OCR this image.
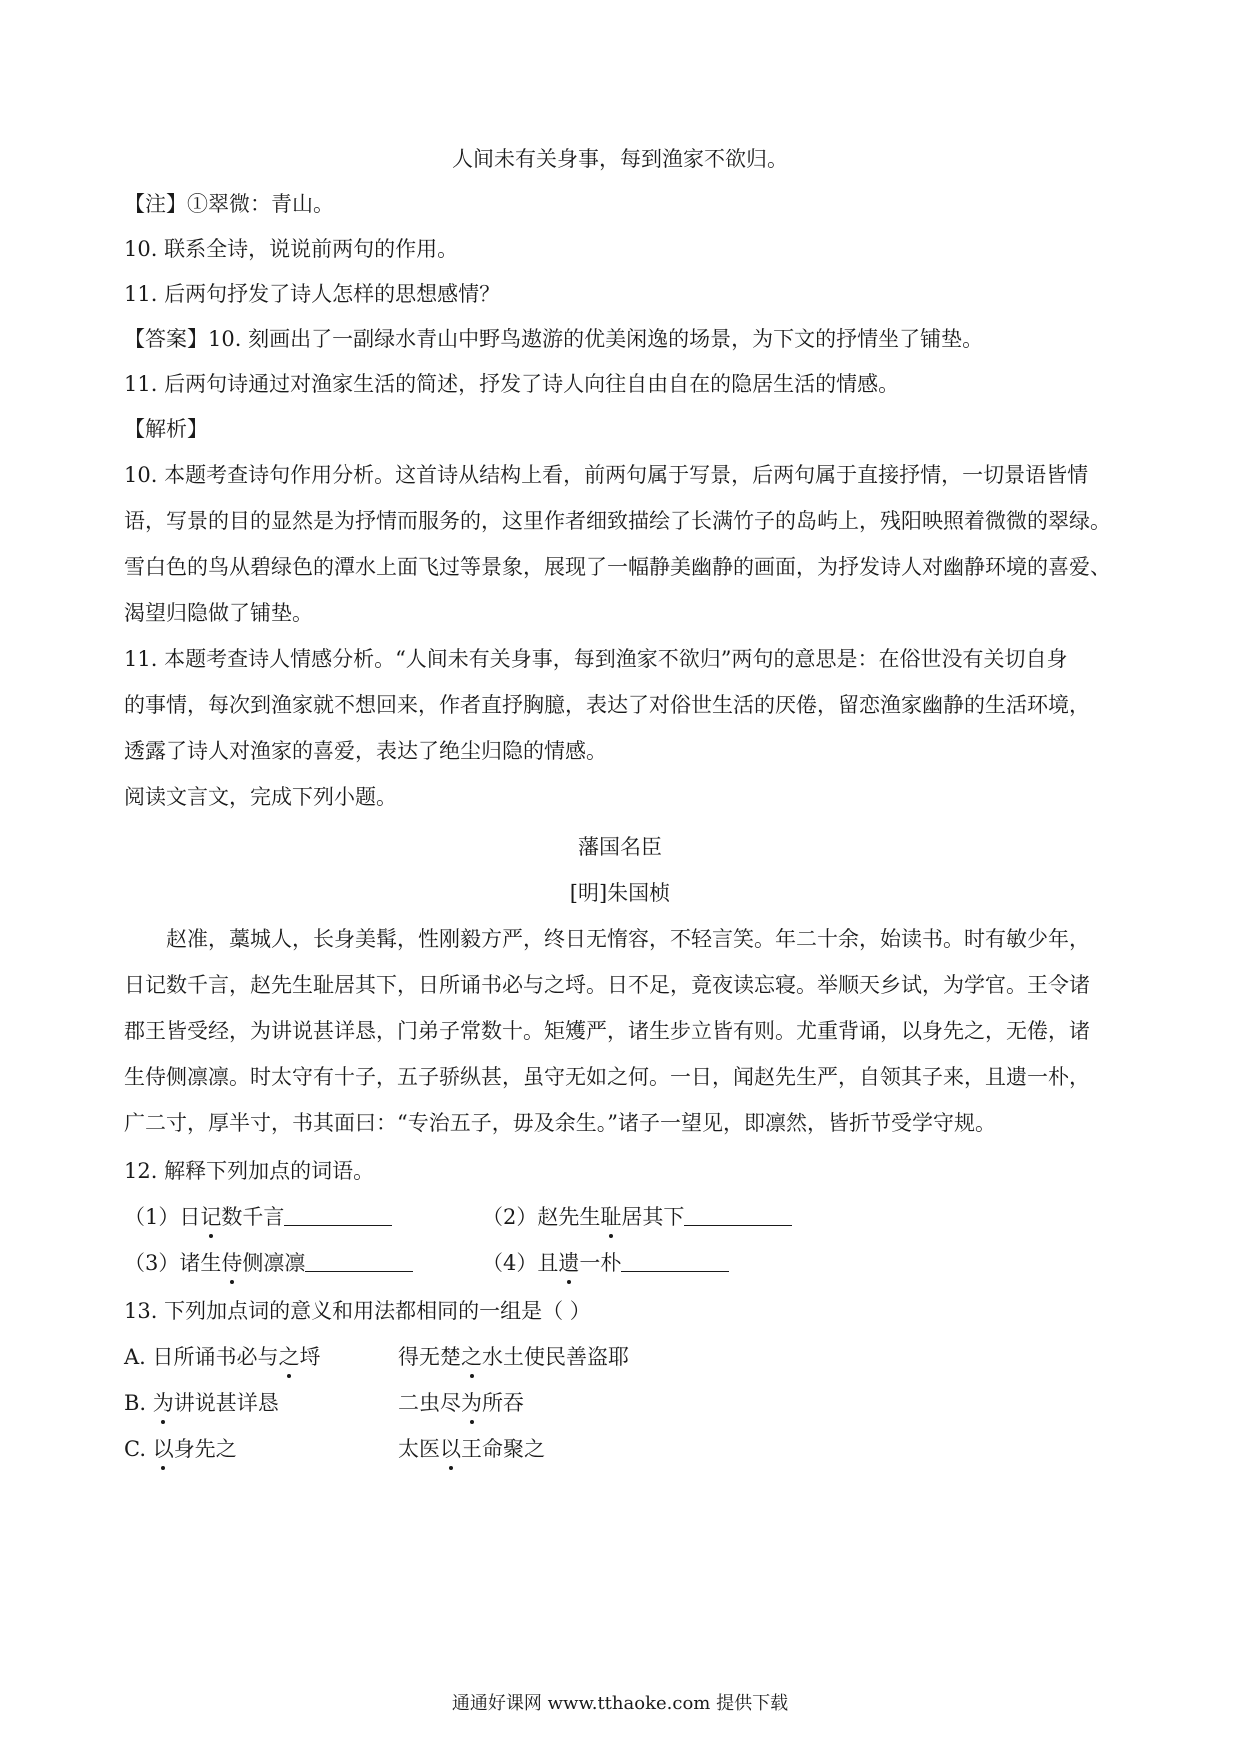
人间未有关身事，每到渔家不欲归。
【注】①翠微：青山。
10. 联系全诗，说说前两句的作用。
11. 后两句抒发了诗人怎样的思想感情？
【答案】10. 刻画出了一副绿水青山中野鸟遨游的优美闲逸的场景，为下文的抒情坐了铺垫。
11. 后两句诗通过对渔家生活的简述，抒发了诗人向往自由自在的隐居生活的情感。
【解析】
10. 本题考查诗句作用分析。这首诗从结构上看，前两句属于写景，后两句属于直接抒情，一切景语皆情
语，写景的目的显然是为抒情而服务的，这里作者细致描绘了长满竹子的岛屿上，残阳映照着微微的翠绿。
雪白色的鸟从碧绿色的潭水上面飞过等景象，展现了一幅静美幽静的画面，为抒发诗人对幽静环境的喜爱、
渴望归隐做了铺垫。
11. 本题考查诗人情感分析。“人间未有关身事，每到渔家不欲归”两句的意思是：在俗世没有关切自身
的事情，每次到渔家就不想回来，作者直抒胸臆，表达了对俗世生活的厌倦，留恋渔家幽静的生活环境，
透露了诗人对渔家的喜爱，表达了绝尘归隐的情感。
阅读文言文，完成下列小题。
藩国名臣
[明]朱国桢
赵准，藁城人，长身美髯，性刚毅方严，终日无惰容，不轻言笑。年二十余，始读书。时有敏少年，
日记数千言，赵先生耻居其下，日所诵书必与之埒。日不足，竟夜读忘寝。举顺天乡试，为学官。王令诸
郡王皆受经，为讲说甚详恳，门弟子常数十。矩矱严，诸生步立皆有则。尤重背诵，以身先之，无倦，诸
生侍侧凛凛。时太守有十子，五子骄纵甚，虽守无如之何。一日，闻赵先生严，自领其子来，且遗一朴，
广二寸，厚半寸，书其面曰：“专治五子，毋及余生。”诸子一望见，即凛然，皆折节受学守规。
12. 解释下列加点的词语。
（1）日记数千言	（2）赵先生耻居其下
（3）诸生侍侧凛凛	（4）且遗一朴
13. 下列加点词的意义和用法都相同的一组是（ ）
A. 日所诵书必与之埒	得无楚之水土使民善盗耶
B. 为讲说甚详恳	二虫尽为所吞
C. 以身先之	太医以王命聚之
通通好课网 www.tthaoke.com 提供下载
